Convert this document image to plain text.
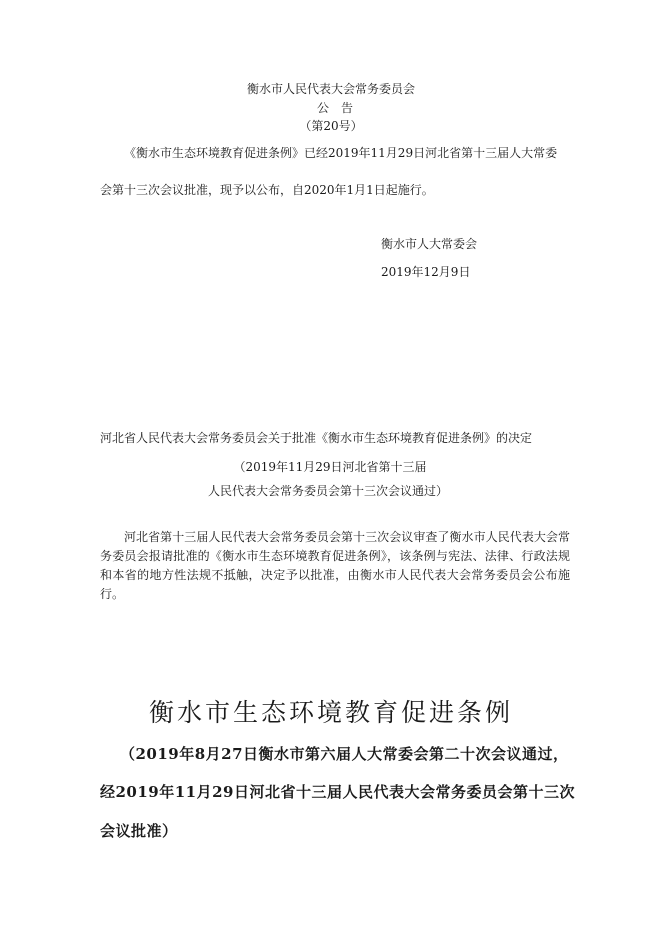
衡水市人民代表大会常务委员会
公　告
（第20号）
《衡水市生态环境教育促进条例》已经2019年11月29日河北省第十三届人大常委
会第十三次会议批准，现予以公布，自2020年1月1日起施行。
衡水市人大常委会
2019年12月9日
河北省人民代表大会常务委员会关于批准《衡水市生态环境教育促进条例》的决定
（2019年11月29日河北省第十三届
人民代表大会常务委员会第十三次会议通过）
河北省第十三届人民代表大会常务委员会第十三次会议审查了衡水市人民代表大会常务委员会报请批准的《衡水市生态环境教育促进条例》，该条例与宪法、法律、行政法规和本省的地方性法规不抵触，决定予以批准，由衡水市人民代表大会常务委员会公布施行。
衡水市生态环境教育促进条例
（2019年8月27日衡水市第六届人大常委会第二十次会议通过，
经2019年11月29日河北省十三届人民代表大会常务委员会第十三次
会议批准）
